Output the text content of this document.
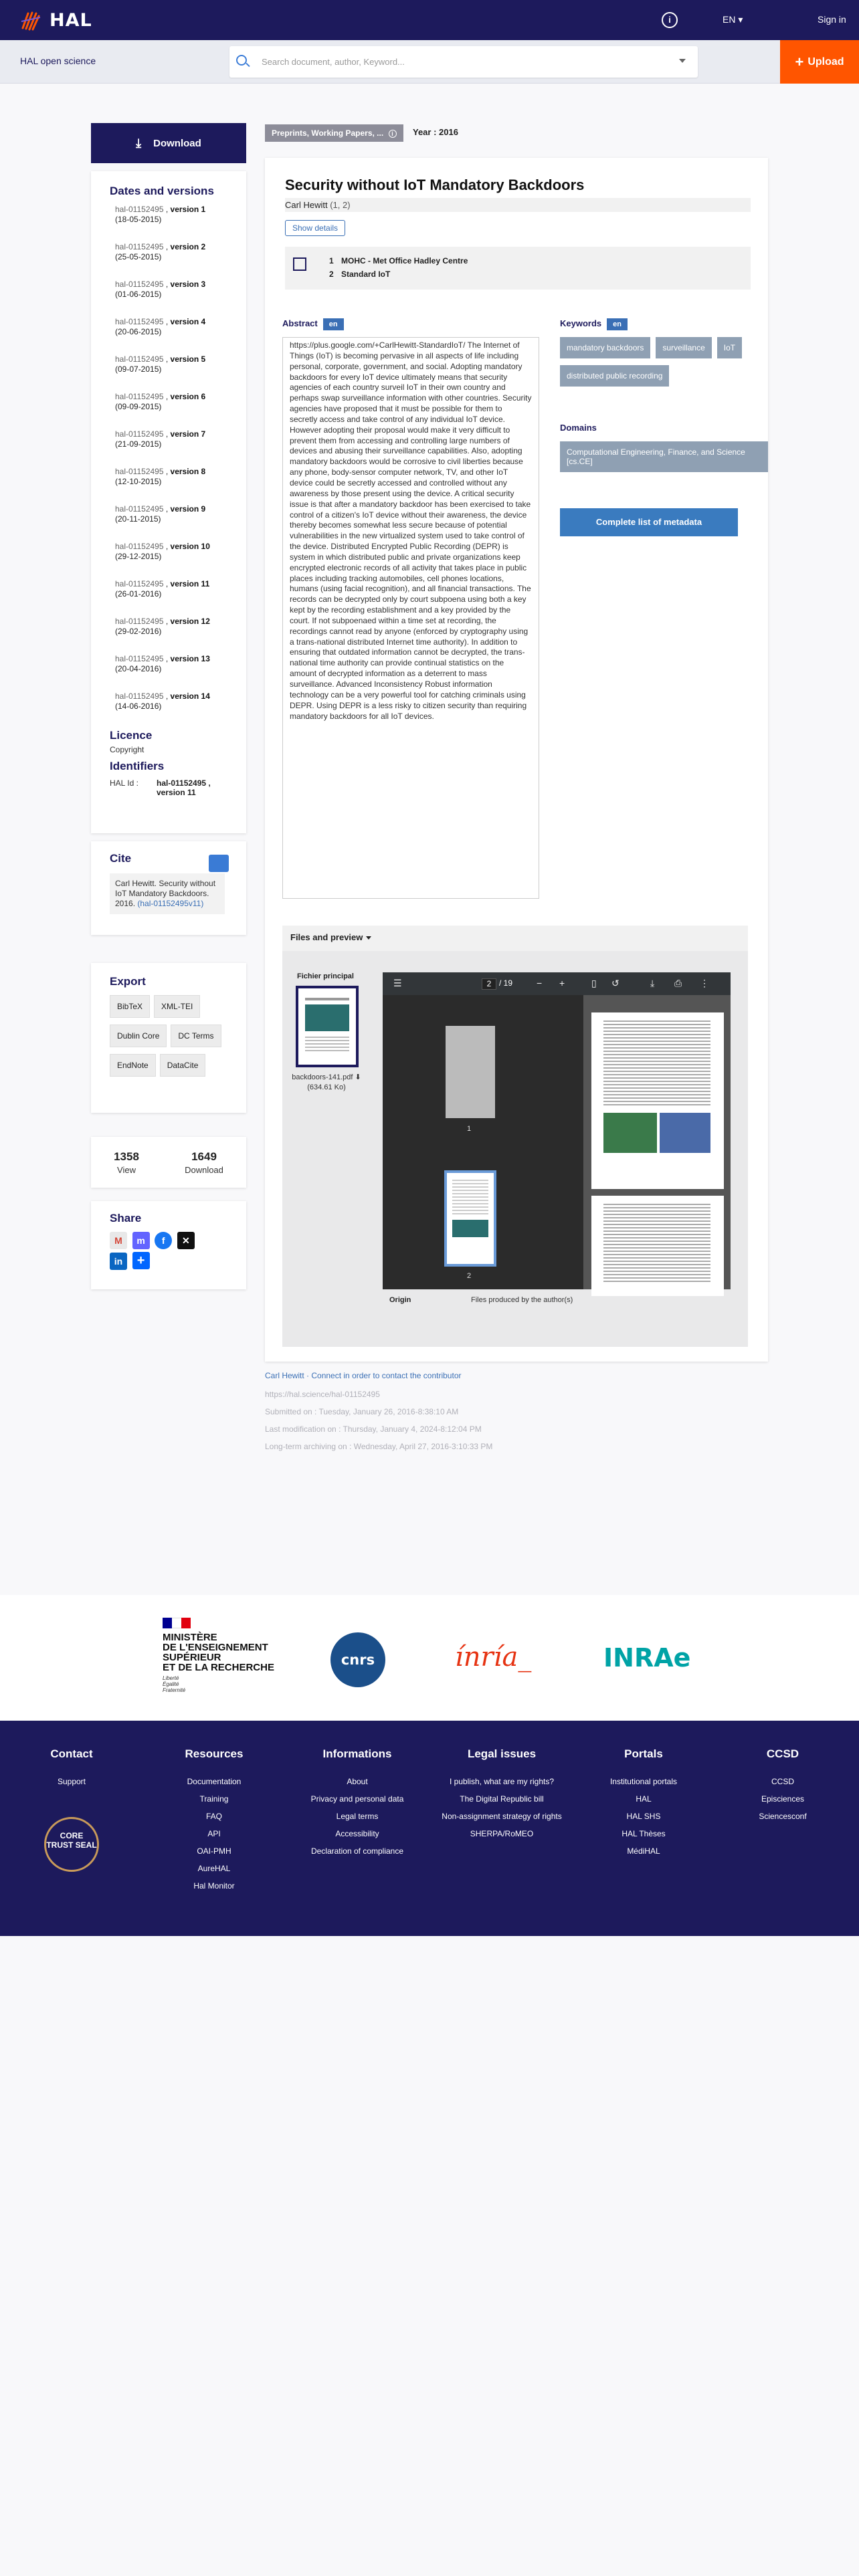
HAL	i	EN ▾	Sign in
HAL open science
Search document, author, Keyword...	+ Upload
⤓ Download
Dates and versions
hal-01152495 , version 1
(18-05-2015)
hal-01152495 , version 2
(25-05-2015)
hal-01152495 , version 3
(01-06-2015)
hal-01152495 , version 4
(20-06-2015)
hal-01152495 , version 5
(09-07-2015)
hal-01152495 , version 6
(09-09-2015)
hal-01152495 , version 7
(21-09-2015)
hal-01152495 , version 8
(12-10-2015)
hal-01152495 , version 9
(20-11-2015)
hal-01152495 , version 10
(29-12-2015)
hal-01152495 , version 11
(26-01-2016)
hal-01152495 , version 12
(29-02-2016)
hal-01152495 , version 13
(20-04-2016)
hal-01152495 , version 14
(14-06-2016)
Licence
Copyright
Identifiers
HAL Id :	hal-01152495 , version 11
Cite
Carl Hewitt. Security without IoT Mandatory Backdoors. 2016. (hal-01152495v11)
Export
BibTeX XML-TEIDublin Core DC TermsEndNote DataCite
1358
View
1649
Download
Share
M m f ✕
in +
Preprints, Working Papers, ... i	Year : 2016
Security without IoT Mandatory Backdoors
Carl Hewitt (1, 2)
Show details
1 MOHC - Met Office Hadley Centre
2 Standard IoT
Abstract en
https://plus.google.com/+CarlHewitt-StandardIoT/ The Internet of Things (IoT) is becoming pervasive in all aspects of life including personal, corporate, government, and social. Adopting mandatory backdoors for every IoT device ultimately means that security agencies of each country surveil IoT in their own country and perhaps swap surveillance information with other countries. Security agencies have proposed that it must be possible for them to secretly access and take control of any individual IoT device. However adopting their proposal would make it very difficult to prevent them from accessing and controlling large numbers of devices and abusing their surveillance capabilities. Also, adopting mandatory backdoors would be corrosive to civil liberties because any phone, body-sensor computer network, TV, and other IoT device could be secretly accessed and controlled without any awareness by those present using the device. A critical security issue is that after a mandatory backdoor has been exercised to take control of a citizen's IoT device without their awareness, the device thereby becomes somewhat less secure because of potential vulnerabilities in the new virtualized system used to take control of the device. Distributed Encrypted Public Recording (DEPR) is system in which distributed public and private organizations keep encrypted electronic records of all activity that takes place in public places including tracking automobiles, cell phones locations, humans (using facial recognition), and all financial transactions. The records can be decrypted only by court subpoena using both a key kept by the recording establishment and a key provided by the court. If not subpoenaed within a time set at recording, the recordings cannot read by anyone (enforced by cryptography using a trans-national distributed Internet time authority). In addition to ensuring that outdated information cannot be decrypted, the trans-national time authority can provide continual statistics on the amount of decrypted information as a deterrent to mass surveillance. Advanced Inconsistency Robust information technology can be a very powerful tool for catching criminals using DEPR. Using DEPR is a less risky to citizen security than requiring mandatory backdoors for all IoT devices.
Keywords en
mandatory backdoors surveillance IoTdistributed public recording
Domains
Computational Engineering, Finance, and Science [cs.CE]
Complete list of metadata
Files and preview
Fichier principal
backdoors-141.pdf ⬇
(634.61 Ko)
☰	2 / 19	− +	▯ ↺	⤓ ⎙ ⋮
1
2
Origin	Files produced by the author(s)
Carl Hewitt · Connect in order to contact the contributor
https://hal.science/hal-01152495
Submitted on : Tuesday, January 26, 2016-8:38:10 AM
Last modification on : Thursday, January 4, 2024-8:12:04 PM
Long-term archiving on : Wednesday, April 27, 2016-3:10:33 PM
MINISTÈRE
DE L'ENSEIGNEMENT
SUPÉRIEUR
ET DE LA RECHERCHE
Liberté
Égalité
Fraternité
cnrs	ínría_	INRAe
Contact
Support
CORE TRUST SEAL
Resources
Documentation
Training
FAQ
API
OAI-PMH
AureHAL
Hal Monitor
Informations
About
Privacy and personal data
Legal terms
Accessibility
Declaration of compliance
Legal issues
I publish, what are my rights?
The Digital Republic bill
Non-assignment strategy of rights
SHERPA/RoMEO
Portals
Institutional portals
HAL
HAL SHS
HAL Thèses
MédiHAL
CCSD
CCSD
Episciences
Sciencesconf
